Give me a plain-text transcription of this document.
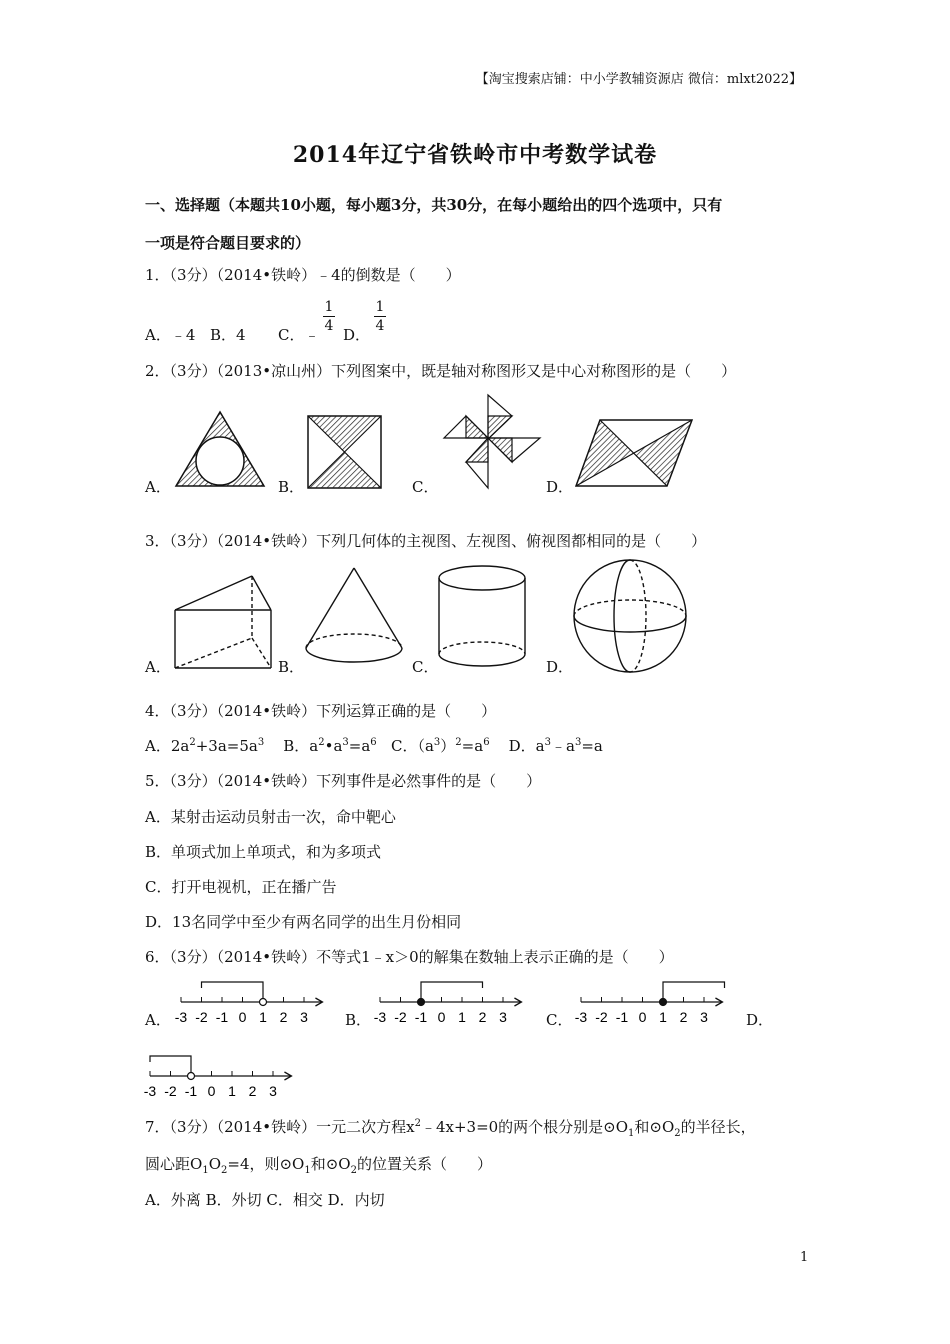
【淘宝搜索店铺：中小学教辅资源店 微信：mlxt2022】
2014年辽宁省铁岭市中考数学试卷
一、选择题（本题共10小题，每小题3分，共30分，在每小题给出的四个选项中，只有
一项是符合题目要求的）
1．（3分）（2014•铁岭）﹣4的倒数是（　　）
A．﹣4 B．4 C．﹣ $\frac{1}{4}$ D． $\frac{1}{4}$
2．（3分）（2013•凉山州）下列图案中，既是轴对称图形又是中心对称图形的是（　　）
A．	B．	C．	D．
3．（3分）（2014•铁岭）下列几何体的主视图、左视图、俯视图都相同的是（　　）
A．	B．	C．	D．
4．（3分）（2014•铁岭）下列运算正确的是（　　）
A．$2a^2+3a=5a^3$    B．$a^2•a^3=a^6$   C．$(a^3)^2=a^6$    D．$a^3﹣a^3=a$
5．（3分）（2014•铁岭）下列事件是必然事件的是（　　）
A．某射击运动员射击一次，命中靶心
B．单项式加上单项式，和为多项式
C．打开电视机，正在播广告
D．13名同学中至少有两名同学的出生月份相同
6．（3分）（2014•铁岭）不等式1﹣x＞0的解集在数轴上表示正确的是（　　）
A．	B．	C．	D．
-3 -2 -1 0 1 2 3	-3 -2 -1 0 1 2 3	-3 -2 -1 0 1 2 3
-3 -2 -1 0 1 2 3
7．（3分）（2014•铁岭）一元二次方程$x^2﹣4x+3=0$的两个根分别是$⊙O_1$和$⊙O_2$的半径长，
圆心距$O_1O_2=4$，则$⊙O_1$和$⊙O_2$的位置关系（　　）
A．外离 B．外切 C．相交 D．内切
1
